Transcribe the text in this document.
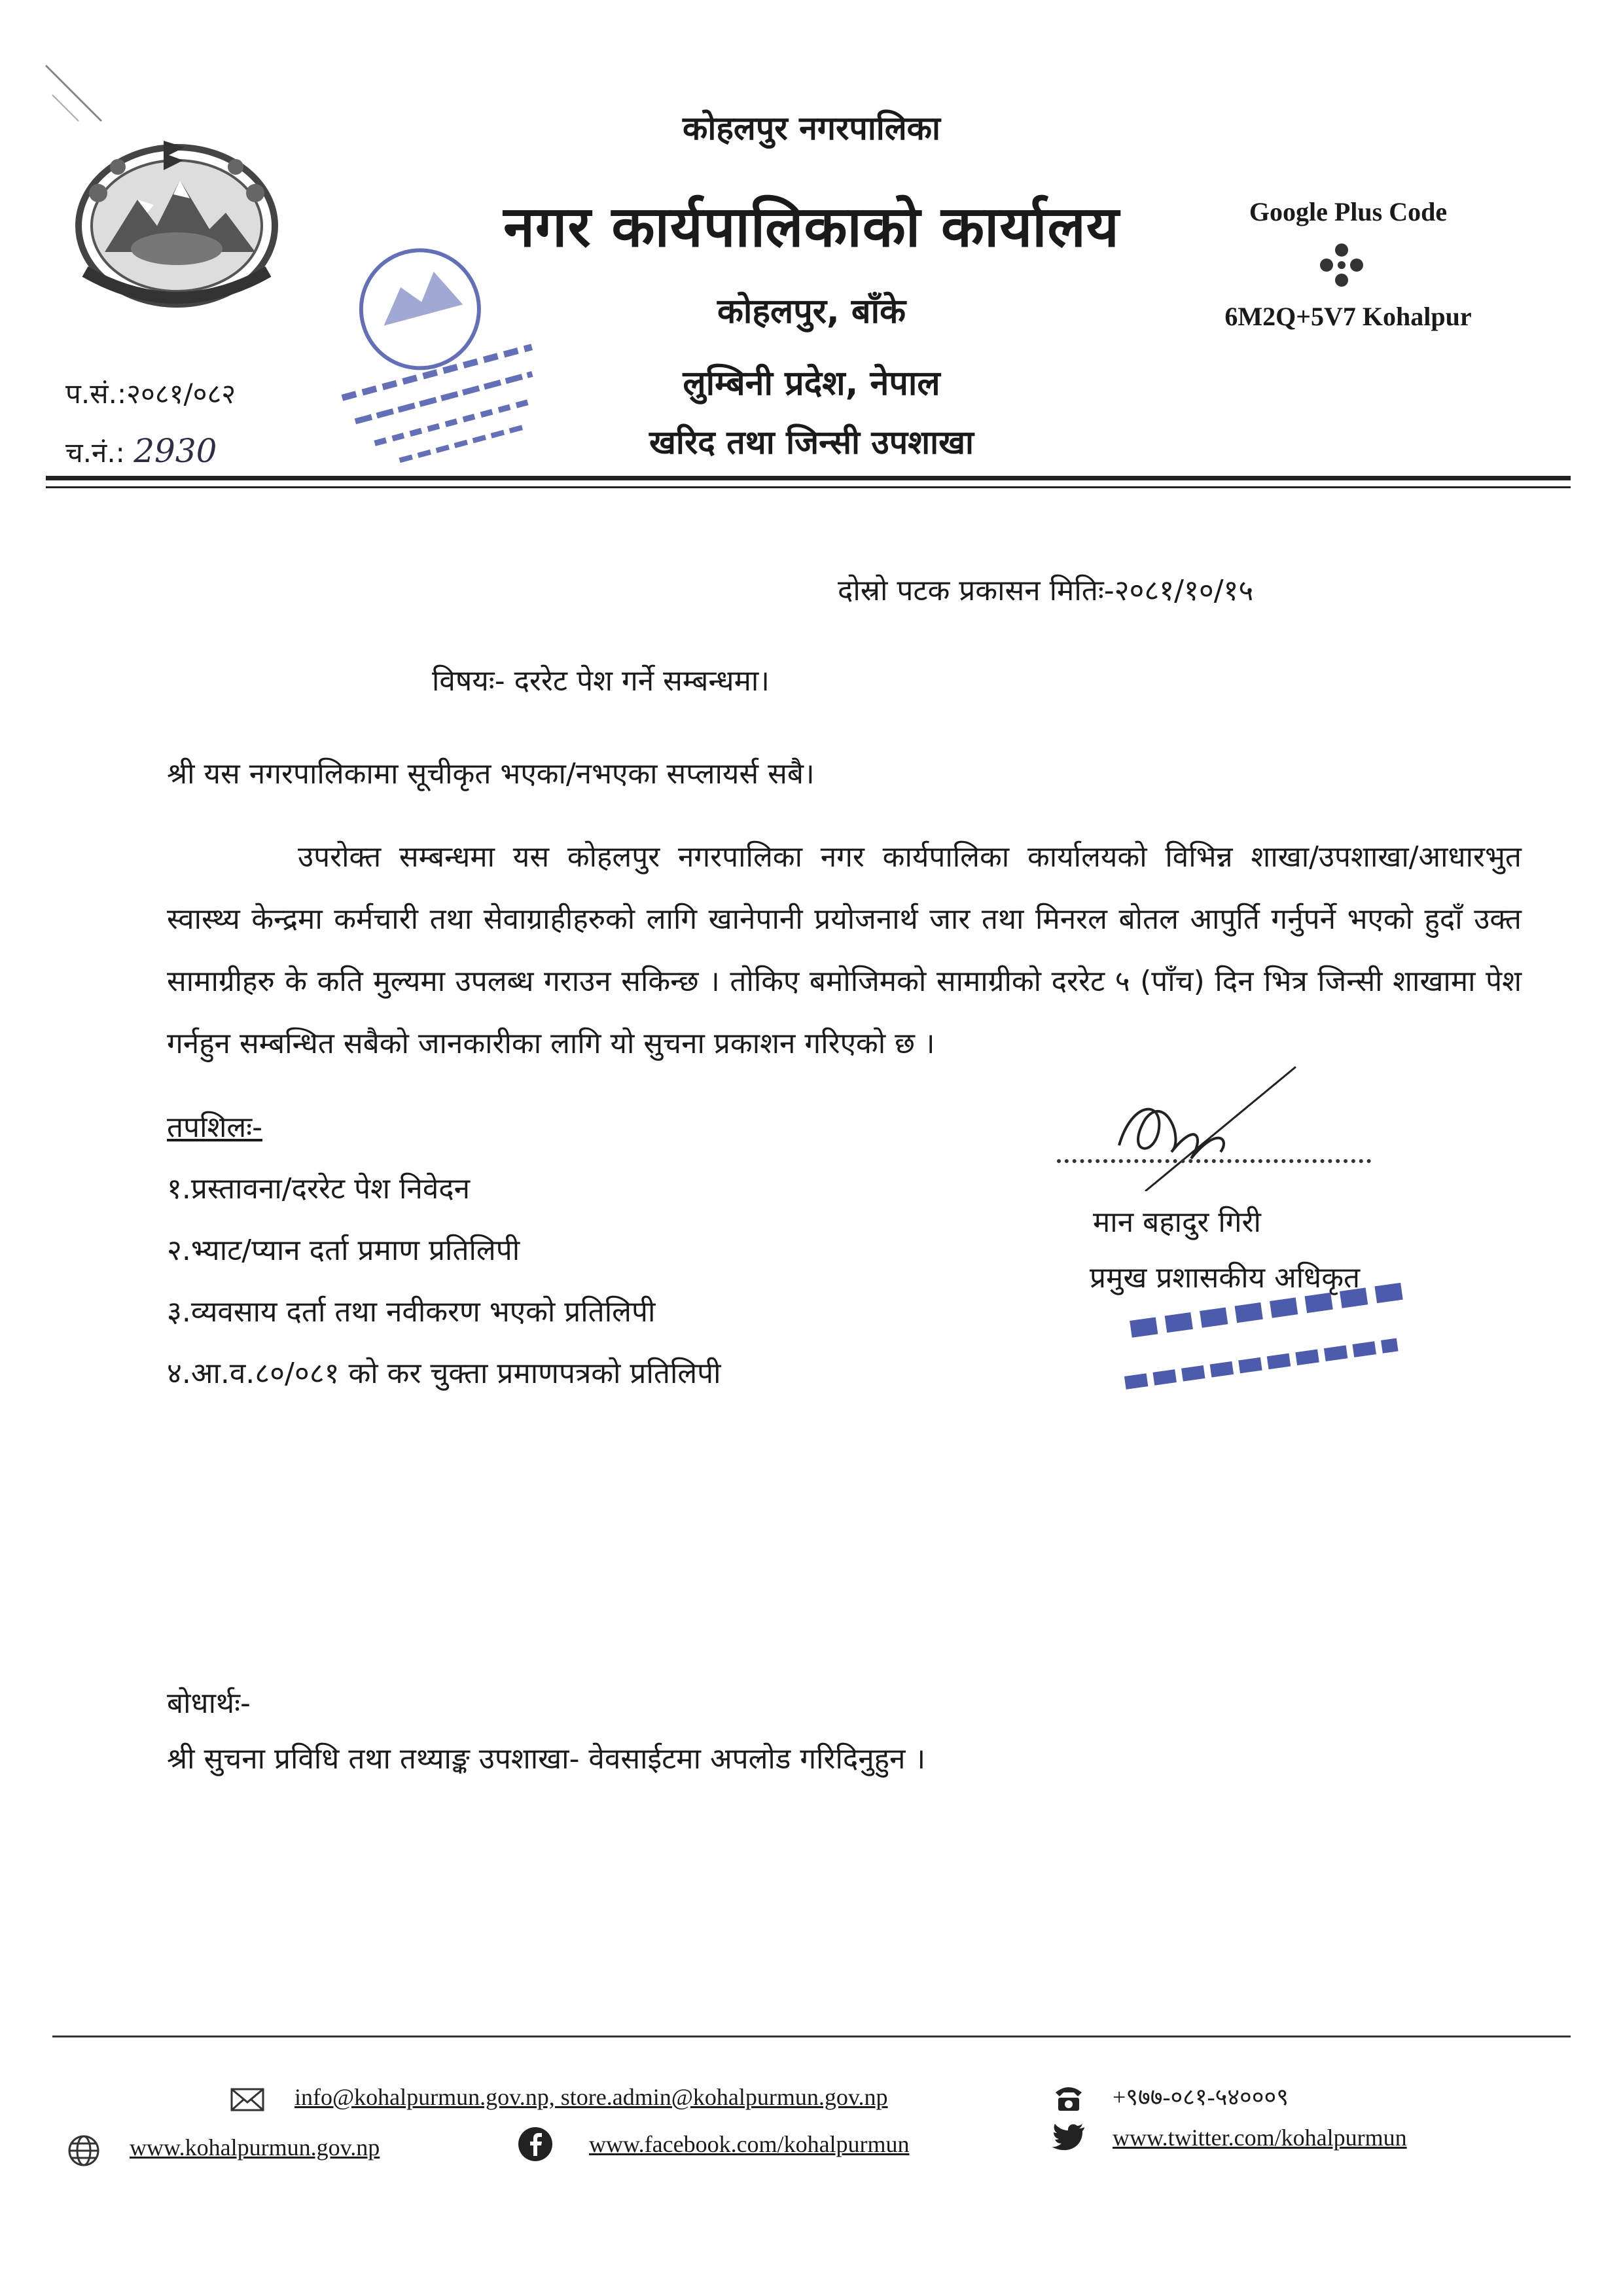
कोहलपुर नगरपालिका
नगर कार्यपालिकाको कार्यालय
कोहलपुर, बाँके
लुम्बिनी प्रदेश, नेपाल
खरिद तथा जिन्सी उपशाखा
Google Plus Code
6M2Q+5V7 Kohalpur
प.सं.:२०८१/०८२
च.नं.: 2930
दोस्रो पटक प्रकासन मितिः-२०८१/१०/१५
विषयः- दररेट पेश गर्ने सम्बन्धमा।
श्री यस नगरपालिकामा सूचीकृत भएका/नभएका सप्लायर्स सबै।

उपरोक्त सम्बन्धमा यस कोहलपुर नगरपालिका नगर कार्यपालिका कार्यालयको विभिन्न शाखा/उपशाखा/आधारभुत स्वास्थ्य केन्द्रमा कर्मचारी तथा सेवाग्राहीहरुको लागि खानेपानी प्रयोजनार्थ जार तथा मिनरल बोतल आपुर्ति गर्नुपर्ने भएको हुदाँ उक्त सामाग्रीहरु के कति मुल्यमा उपलब्ध गराउन सकिन्छ । तोकिए बमोजिमको सामाग्रीको दररेट ५ (पाँच) दिन भित्र जिन्सी शाखामा पेश गर्नहुन सम्बन्धित सबैको जानकारीका लागि यो सुचना प्रकाशन गरिएको छ ।

तपशिलः-
१.प्रस्तावना/दररेट पेश निवेदन
२.भ्याट/प्यान दर्ता प्रमाण प्रतिलिपी
३.व्यवसाय दर्ता तथा नवीकरण भएको प्रतिलिपी
४.आ.व.८०/०८१ को कर चुक्ता प्रमाणपत्रको प्रतिलिपी
मान बहादुर गिरी
प्रमुख प्रशासकीय अधिकृत
बोधार्थः-
श्री सुचना प्रविधि तथा तथ्याङ्क उपशाखा- वेवसाईटमा अपलोड गरिदिनुहुन ।
info@kohalpurmun.gov.np, store.admin@kohalpurmun.gov.np	+९७७-०८१-५४०००९
www.kohalpurmun.gov.np	www.facebook.com/kohalpurmun	www.twitter.com/kohalpurmun
